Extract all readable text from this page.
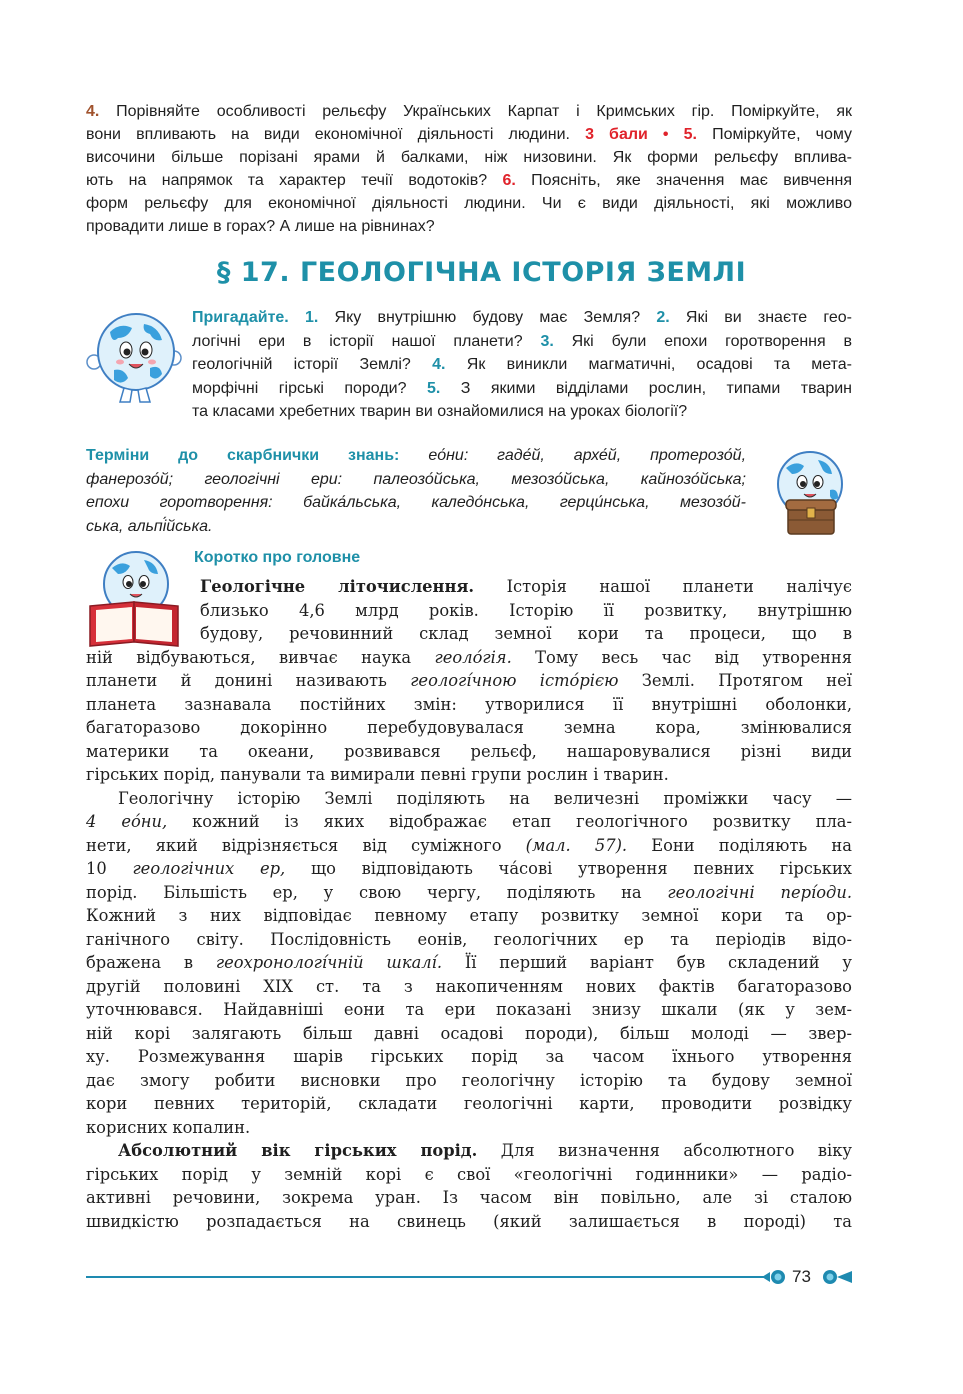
4. Порівняйте особливості рельєфу Українських Карпат і Кримських гір. Поміркуйте, як
вони впливають на види економічної діяльності людини. 3 бали • 5. Поміркуйте, чому
височини більше порізані ярами й балками, ніж низовини. Як форми рельєфу вплива-
ють на напрямок та характер течії водотоків? 6. Поясніть, яке значення має вивчення
форм рельєфу для економічної діяльності людини. Чи є види діяльності, які можливо
провадити лише в горах? А лише на рівнинах?
§ 17. ГЕОЛОГІЧНА ІСТОРІЯ ЗЕМЛІ
Пригадайте. 1. Яку внутрішню будову має Земля? 2. Які ви знаєте гео-
логічні ери в історії нашої планети? 3. Які були епохи горотворення в
геологічній історії Землі? 4. Як виникли магматичні, осадові та мета-
морфічні гірські породи? 5. З якими відділами рослин, типами тварин
та класами хребетних тварин ви ознайомилися на уроках біології?
Терміни до скарбнички знань: ео́ни: гаде́й, архе́й, протерозо́й,
фанерозо́й; геологічні ери: палеозо́йська, мезозо́йська, кайнозо́йська;
епохи горотворення: байка́льська, каледо́нська, герци́нська, мезозо́й-
ська, альпі́йська.
Коротко про головне
Геологічне літочислення. Історія нашої планети налічує
близько 4,6 млрд років. Історію її розвитку, внутрішню
будову, речовинний склад земної кори та процеси, що в
ній відбуваються, вивчає наука геоло́гія. Тому весь час від утворення
планети й донині називають геологі́чною істо́рією Землі. Протягом неї
планета зазнавала постійних змін: утворилися її внутрішні оболонки,
багаторазово докорінно перебудовувалася земна кора, змінювалися
материки та океани, розвивався рельєф, нашаровувалися різні види
гірських порід, панували та вимирали певні групи рослин і тварин.
Геологічну історію Землі поділяють на величезні проміжки часу —
4 ео́ни, кожний із яких відображає етап геологічного розвитку пла-
нети, який відрізняється від суміжного (мал. 57). Еони поділяють на
10 геологічних ер, що відповідають ча́сові утворення певних гірських
порід. Більшість ер, у свою чергу, поділяють на геологічні пері́оди.
Кожний з них відповідає певному етапу розвитку земної кори та ор-
ганічного світу. Послідовність еонів, геологічних ер та періодів відо-
бражена в геохронологі́чній шкалі́. Її перший варіант був складений у
другій половині XIX ст. та з накопиченням нових фактів багаторазово
уточнювався. Найдавніші еони та ери показані знизу шкали (як у зем-
ній корі залягають більш давні осадові породи), більш молоді — звер-
ху. Розмежування шарів гірських порід за часом їхнього утворення
дає змогу робити висновки про геологічну історію та будову земної
кори певних територій, складати геологічні карти, проводити розвідку
корисних копалин.
Абсолютний вік гірських порід. Для визначення абсолютного віку
гірських порід у земній корі є свої «геологічні годинники» — радіо-
активні речовини, зокрема уран. Із часом він повільно, але зі сталою
швидкістю розпадається на свинець (який залишається в породі) та
73
